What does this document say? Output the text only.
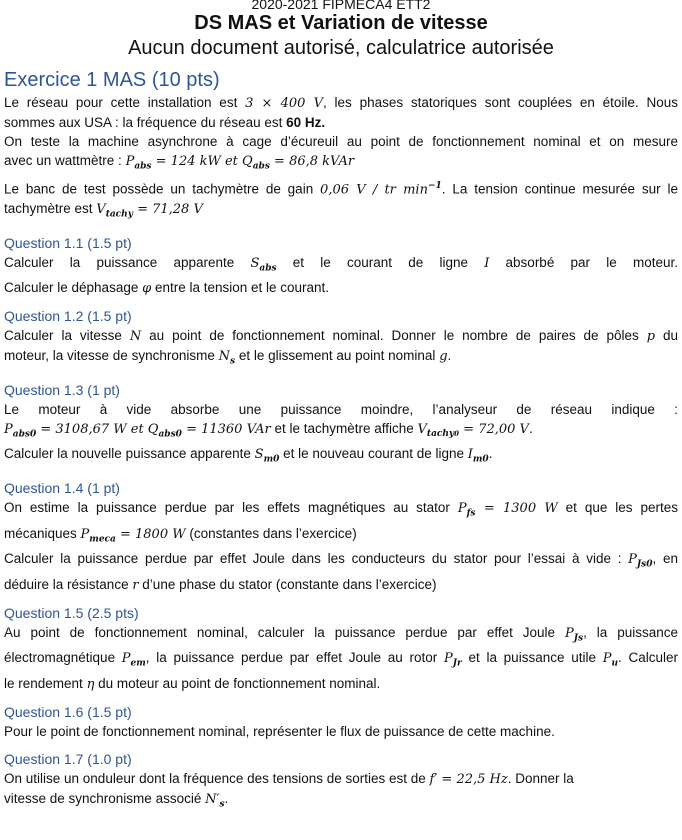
2020-2021 FIPMECA4 ETT2
DS MAS et Variation de vitesse
Aucun document autorisé, calculatrice autorisée
Exercice 1 MAS (10 pts)

Le réseau pour cette installation est 3 × 400 V, les phases statoriques sont couplées en étoile. Nous

sommes aux USA : la fréquence du réseau est 60 Hz.

On teste la machine asynchrone à cage d’écureuil au point de fonctionnement nominal et on mesure

avec un wattmètre : $P_{abs} = 124$ kW et $Q_{abs} = 86,8$ kVAr

Le banc de test possède un tachymètre de gain 0,06 V / tr $\min^{-1}$. La tension continue mesurée sur le

tachymètre est $V_{tachy} = 71,28$ V

Question 1.1 (1.5 pt)

Calculer la puissance apparente $S_{abs}$ et le courant de ligne I absorbé par le moteur.

Calculer le déphasage φ entre la tension et le courant.

Question 1.2 (1.5 pt)

Calculer la vitesse N au point de fonctionnement nominal. Donner le nombre de paires de pôles p du

moteur, la vitesse de synchronisme $N_s$ et le glissement au point nominal g.

Question 1.3 (1 pt)

Le moteur à vide absorbe une puissance moindre, l’analyseur de réseau indique :

$P_{abs0} = 3108,67$ W et $Q_{abs0} = 11360$ VAr et le tachymètre affiche $V_{tachy0} = 72,00$ V.

Calculer la nouvelle puissance apparente $S_{m0}$ et le nouveau courant de ligne $I_{m0}$.

Question 1.4 (1 pt)

On estime la puissance perdue par les effets magnétiques au stator $P_{fs} = 1300$ W et que les pertes

mécaniques $P_{meca} = 1800$ W (constantes dans l’exercice)

Calculer la puissance perdue par effet Joule dans les conducteurs du stator pour l’essai à vide : $P_{Js0}$, en

déduire la résistance r d’une phase du stator (constante dans l’exercice)

Question 1.5 (2.5 pts)

Au point de fonctionnement nominal, calculer la puissance perdue par effet Joule $P_{Js}$, la puissance

électromagnétique $P_{em}$, la puissance perdue par effet Joule au rotor $P_{Jr}$ et la puissance utile $P_u$. Calculer

le rendement η du moteur au point de fonctionnement nominal.

Question 1.6 (1.5 pt)

Pour le point de fonctionnement nominal, représenter le flux de puissance de cette machine.

Question 1.7 (1.0 pt)

On utilise un onduleur dont la fréquence des tensions de sorties est de f′ = 22,5 Hz. Donner la

vitesse de synchronisme associé $N'_s$.
